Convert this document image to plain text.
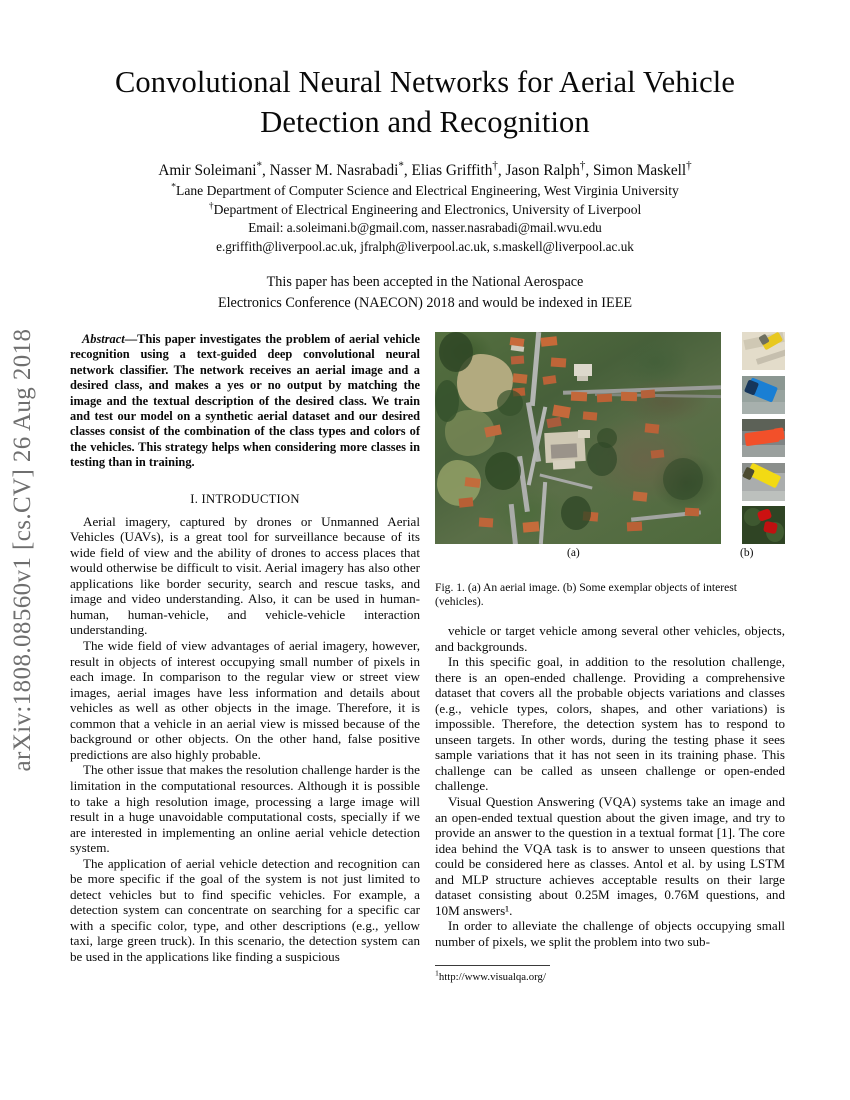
arXiv:1808.08560v1 [cs.CV] 26 Aug 2018
Convolutional Neural Networks for Aerial Vehicle Detection and Recognition
Amir Soleimani*, Nasser M. Nasrabadi*, Elias Griffith†, Jason Ralph†, Simon Maskell†
*Lane Department of Computer Science and Electrical Engineering, West Virginia University
†Department of Electrical Engineering and Electronics, University of Liverpool
Email: a.soleimani.b@gmail.com, nasser.nasrabadi@mail.wvu.edu
e.griffith@liverpool.ac.uk, jfralph@liverpool.ac.uk, s.maskell@liverpool.ac.uk
This paper has been accepted in the National Aerospace
Electronics Conference (NAECON) 2018 and would be indexed in IEEE
Abstract—This paper investigates the problem of aerial vehicle recognition using a text-guided deep convolutional neural network classifier. The network receives an aerial image and a desired class, and makes a yes or no output by matching the image and the textual description of the desired class. We train and test our model on a synthetic aerial dataset and our desired classes consist of the combination of the class types and colors of the vehicles. This strategy helps when considering more classes in testing than in training.
I. INTRODUCTION

Aerial imagery, captured by drones or Unmanned Aerial Vehicles (UAVs), is a great tool for surveillance because of its wide field of view and the ability of drones to access places that would otherwise be difficult to visit. Aerial imagery has also other applications like border security, search and rescue tasks, and image and video understanding. Also, it can be used in human-human, human-vehicle, and vehicle-vehicle interaction understanding.

The wide field of view advantages of aerial imagery, however, result in objects of interest occupying small number of pixels in each image. In comparison to the regular view or street view images, aerial images have less information and details about vehicles as well as other objects in the image. Therefore, it is common that a vehicle in an aerial view is missed because of the background or other objects. On the other hand, false positive predictions are also highly probable.

The other issue that makes the resolution challenge harder is the limitation in the computational resources. Although it is possible to take a high resolution image, processing a large image will result in a huge unavoidable computational costs, specially if we are interested in implementing an online aerial vehicle detection system.

The application of aerial vehicle detection and recognition can be more specific if the goal of the system is not just limited to detect vehicles but to find specific vehicles. For example, a detection system can concentrate on searching for a specific car with a specific color, type, and other descriptions (e.g., yellow taxi, large green truck). In this scenario, the detection system can be used in the applications like finding a suspicious

(a)	(b)
Fig. 1. (a) An aerial image. (b) Some exemplar objects of interest (vehicles).

vehicle or target vehicle among several other vehicles, objects, and backgrounds.

In this specific goal, in addition to the resolution challenge, there is an open-ended challenge. Providing a comprehensive dataset that covers all the probable objects variations and classes (e.g., vehicle types, colors, shapes, and other variations) is impossible. Therefore, the detection system has to respond to unseen targets. In other words, during the testing phase it sees sample variations that it has not seen in its training phase. This challenge can be called as unseen challenge or open-ended challenge.

Visual Question Answering (VQA) systems take an image and an open-ended textual question about the given image, and try to provide an answer to the question in a textual format [1]. The core idea behind the VQA task is to answer to unseen questions that could be considered here as classes. Antol et al. by using LSTM and MLP structure achieves acceptable results on their large dataset consisting about 0.25M images, 0.76M questions, and 10M answers¹.

In order to alleviate the challenge of objects occupying small number of pixels, we split the problem into two sub-

$^1$http://www.visualqa.org/
